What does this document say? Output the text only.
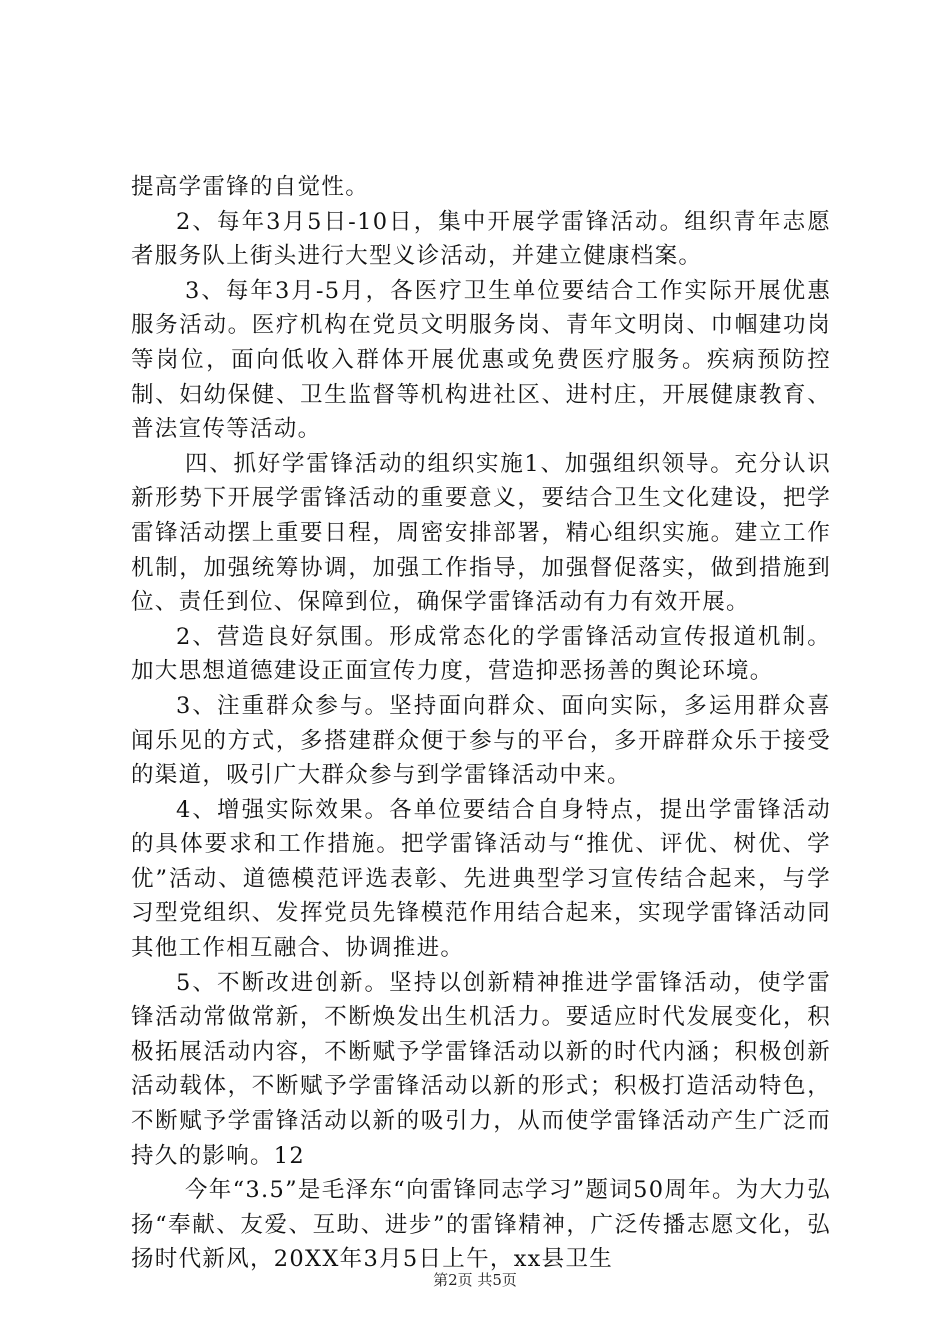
提高学雷锋的自觉性。

2、每年3月5日-10日，集中开展学雷锋活动。组织青年志愿者服务队上街头进行大型义诊活动，并建立健康档案。

3、每年3月-5月，各医疗卫生单位要结合工作实际开展优惠服务活动。医疗机构在党员文明服务岗、青年文明岗、巾帼建功岗等岗位，面向低收入群体开展优惠或免费医疗服务。疾病预防控制、妇幼保健、卫生监督等机构进社区、进村庄，开展健康教育、普法宣传等活动。

四、抓好学雷锋活动的组织实施1、加强组织领导。充分认识新形势下开展学雷锋活动的重要意义，要结合卫生文化建设，把学雷锋活动摆上重要日程，周密安排部署，精心组织实施。建立工作机制，加强统筹协调，加强工作指导，加强督促落实，做到措施到位、责任到位、保障到位，确保学雷锋活动有力有效开展。

2、营造良好氛围。形成常态化的学雷锋活动宣传报道机制。加大思想道德建设正面宣传力度，营造抑恶扬善的舆论环境。

3、注重群众参与。坚持面向群众、面向实际，多运用群众喜闻乐见的方式，多搭建群众便于参与的平台，多开辟群众乐于接受的渠道，吸引广大群众参与到学雷锋活动中来。

4、增强实际效果。各单位要结合自身特点，提出学雷锋活动的具体要求和工作措施。把学雷锋活动与“推优、评优、树优、学优”活动、道德模范评选表彰、先进典型学习宣传结合起来，与学习型党组织、发挥党员先锋模范作用结合起来，实现学雷锋活动同其他工作相互融合、协调推进。

5、不断改进创新。坚持以创新精神推进学雷锋活动，使学雷锋活动常做常新，不断焕发出生机活力。要适应时代发展变化，积极拓展活动内容，不断赋予学雷锋活动以新的时代内涵；积极创新活动载体，不断赋予学雷锋活动以新的形式；积极打造活动特色，不断赋予学雷锋活动以新的吸引力，从而使学雷锋活动产生广泛而持久的影响。12

今年“3.5”是毛泽东“向雷锋同志学习”题词50周年。为大力弘扬“奉献、友爱、互助、进步”的雷锋精神，广泛传播志愿文化，弘扬时代新风，20XX年3月5日上午，xx县卫生

第2页 共5页
